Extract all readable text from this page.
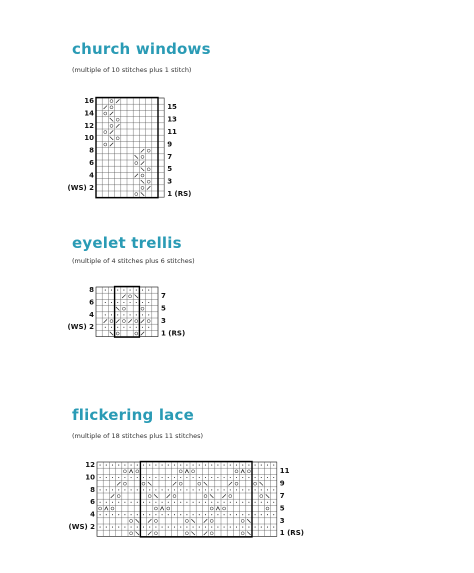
church windows
(multiple of 10 stitches plus 1 stitch)
16
14
12
10
8
6
4
(WS) 2
15
13
11
9
7
5
3
1 (RS)
eyelet trellis
(multiple of 4 stitches plus 6 stitches)
8
6
4
(WS) 2
7
5
3
1 (RS)
flickering lace
(multiple of 18 stitches plus 11 stitches)
12
10
8
6
4
(WS) 2
11
9
7
5
3
1 (RS)
